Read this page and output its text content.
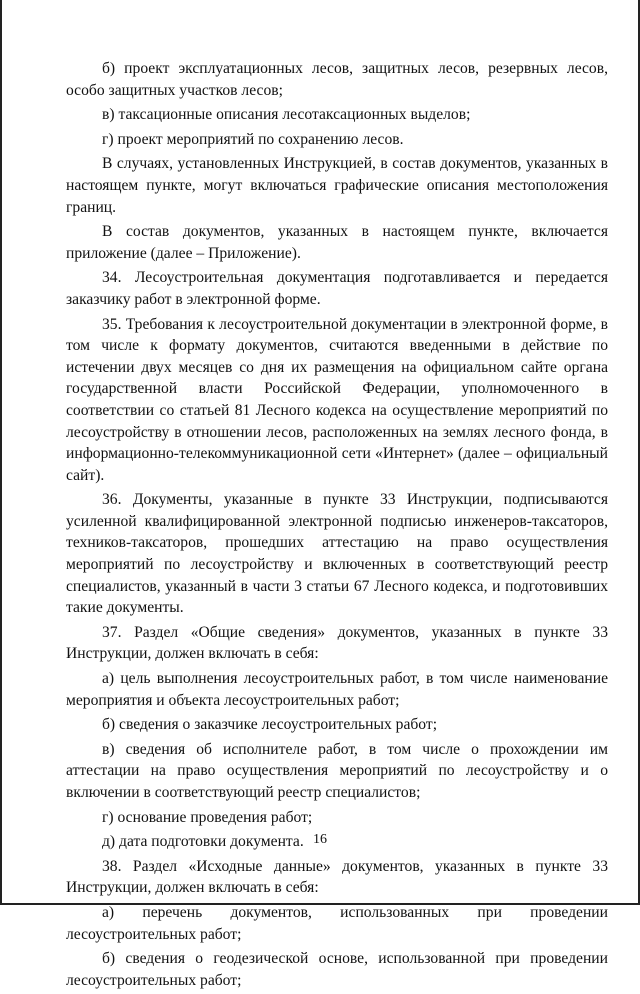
б) проект эксплуатационных лесов, защитных лесов, резервных лесов, особо защитных участков лесов;

в) таксационные описания лесотаксационных выделов;

г) проект мероприятий по сохранению лесов.

В случаях, установленных Инструкцией, в состав документов, указанных в настоящем пункте, могут включаться графические описания местоположения границ.

В состав документов, указанных в настоящем пункте, включается приложение (далее – Приложение).

34. Лесоустроительная документация подготавливается и передается заказчику работ в электронной форме.

35. Требования к лесоустроительной документации в электронной форме, в том числе к формату документов, считаются введенными в действие по истечении двух месяцев со дня их размещения на официальном сайте органа государственной власти Российской Федерации, уполномоченного в соответствии со статьей 81 Лесного кодекса на осуществление мероприятий по лесоустройству в отношении лесов, расположенных на землях лесного фонда, в информационно-телекоммуникационной сети «Интернет» (далее – официальный сайт).

36. Документы, указанные в пункте 33 Инструкции, подписываются усиленной квалифицированной электронной подписью инженеров-таксаторов, техников-таксаторов, прошедших аттестацию на право осуществления мероприятий по лесоустройству и включенных в соответствующий реестр специалистов, указанный в части 3 статьи 67 Лесного кодекса, и подготовивших такие документы.

37. Раздел «Общие сведения» документов, указанных в пункте 33 Инструкции, должен включать в себя:

а) цель выполнения лесоустроительных работ, в том числе наименование мероприятия и объекта лесоустроительных работ;

б) сведения о заказчике лесоустроительных работ;

в) сведения об исполнителе работ, в том числе о прохождении им аттестации на право осуществления мероприятий по лесоустройству и о включении в соответствующий реестр специалистов;

г) основание проведения работ;

д) дата подготовки документа.

38. Раздел «Исходные данные» документов, указанных в пункте 33 Инструкции, должен включать в себя:

а) перечень документов, использованных при проведении лесоустроительных работ;

б) сведения о геодезической основе, использованной при проведении лесоустроительных работ;

16
